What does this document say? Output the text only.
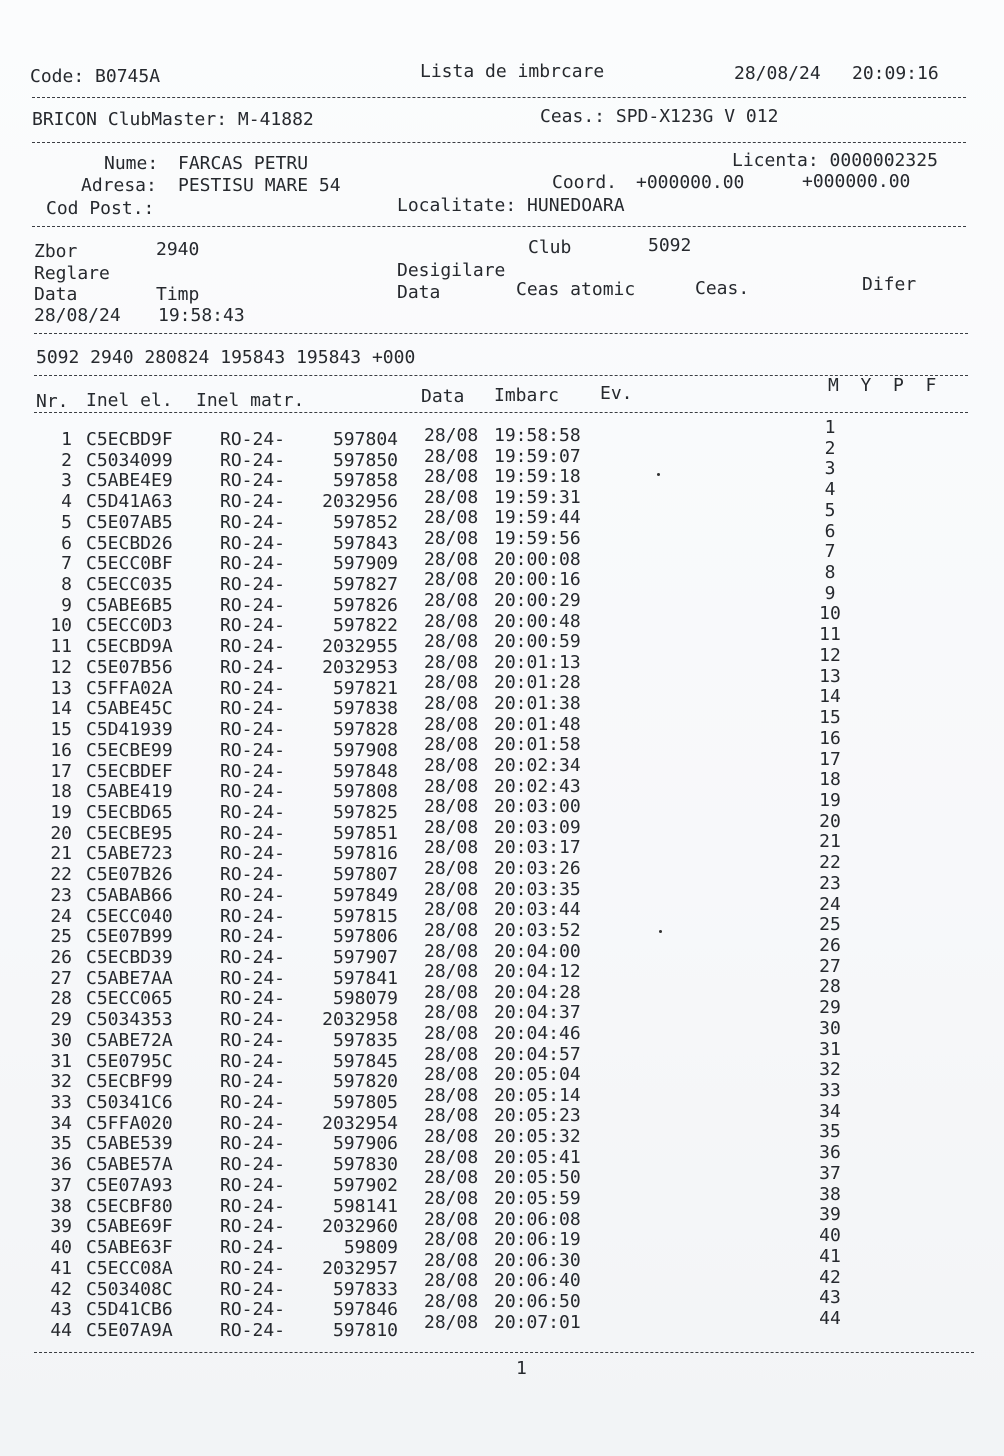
Code: B0745A	Lista de imbrcare	28/08/24 20:09:16
BRICON ClubMaster: M-41882	Ceas.: SPD-X123G V 012
Nume: FARCAS PETRU	Licenta: 0000002325
Adresa: PESTISU MARE 54	Coord. +000000.00	+000000.00
Cod Post.:	Localitate: HUNEDOARA
Zbor	2940	Club	5092
Reglare	Desigilare
Data	Timp	Data	Ceas atomic	Ceas.	Difer
28/08/24 19:58:43
5092 2940 280824 195843 195843 +000
Nr. Inel el. Inel matr.	Data Imbarc Ev.	M  Y  P  F
1 C5ECBD9F	RO-24-	597804 28/08 19:58:58	1
2 C5034099	RO-24-	597850 28/08 19:59:07	2
3 C5ABE4E9	RO-24-	597858 28/08 19:59:18	3
4 C5D41A63	RO-24-	2032956 28/08 19:59:31	4
5 C5E07AB5	RO-24-	597852 28/08 19:59:44	5
6 C5ECBD26	RO-24-	597843 28/08 19:59:56	6
7 C5ECC0BF	RO-24-	597909 28/08 20:00:08	7
8 C5ECC035	RO-24-	597827 28/08 20:00:16	8
9 C5ABE6B5	RO-24-	597826 28/08 20:00:29	9
10 C5ECC0D3	RO-24-	597822 28/08 20:00:48	10
11 C5ECBD9A	RO-24-	2032955 28/08 20:00:59	11
12 C5E07B56	RO-24-	2032953 28/08 20:01:13	12
13 C5FFA02A	RO-24-	597821 28/08 20:01:28	13
14 C5ABE45C	RO-24-	597838 28/08 20:01:38	14
15 C5D41939	RO-24-	597828 28/08 20:01:48	15
16 C5ECBE99	RO-24-	597908 28/08 20:01:58	16
17 C5ECBDEF	RO-24-	597848 28/08 20:02:34	17
18 C5ABE419	RO-24-	597808 28/08 20:02:43	18
19 C5ECBD65	RO-24-	597825 28/08 20:03:00	19
20 C5ECBE95	RO-24-	597851 28/08 20:03:09	20
21 C5ABE723	RO-24-	597816 28/08 20:03:17	21
22 C5E07B26	RO-24-	597807 28/08 20:03:26	22
23 C5ABAB66	RO-24-	597849 28/08 20:03:35	23
24 C5ECC040	RO-24-	597815 28/08 20:03:44	24
25 C5E07B99	RO-24-	597806 28/08 20:03:52	25
26 C5ECBD39	RO-24-	597907 28/08 20:04:00	26
27 C5ABE7AA	RO-24-	597841 28/08 20:04:12	27
28 C5ECC065	RO-24-	598079 28/08 20:04:28	28
29 C5034353	RO-24-	2032958 28/08 20:04:37	29
30 C5ABE72A	RO-24-	597835 28/08 20:04:46	30
31 C5E0795C	RO-24-	597845 28/08 20:04:57	31
32 C5ECBF99	RO-24-	597820 28/08 20:05:04	32
33 C50341C6	RO-24-	597805 28/08 20:05:14	33
34 C5FFA020	RO-24-	2032954 28/08 20:05:23	34
35 C5ABE539	RO-24-	597906 28/08 20:05:32	35
36 C5ABE57A	RO-24-	597830 28/08 20:05:41	36
37 C5E07A93	RO-24-	597902 28/08 20:05:50	37
38 C5ECBF80	RO-24-	598141 28/08 20:05:59	38
39 C5ABE69F	RO-24-	2032960 28/08 20:06:08	39
40 C5ABE63F	RO-24-	59809 28/08 20:06:19	40
41 C5ECC08A	RO-24-	2032957 28/08 20:06:30	41
42 C503408C	RO-24-	597833 28/08 20:06:40	42
43 C5D41CB6	RO-24-	597846 28/08 20:06:50	43
44 C5E07A9A	RO-24-	597810 28/08 20:07:01	44
1
